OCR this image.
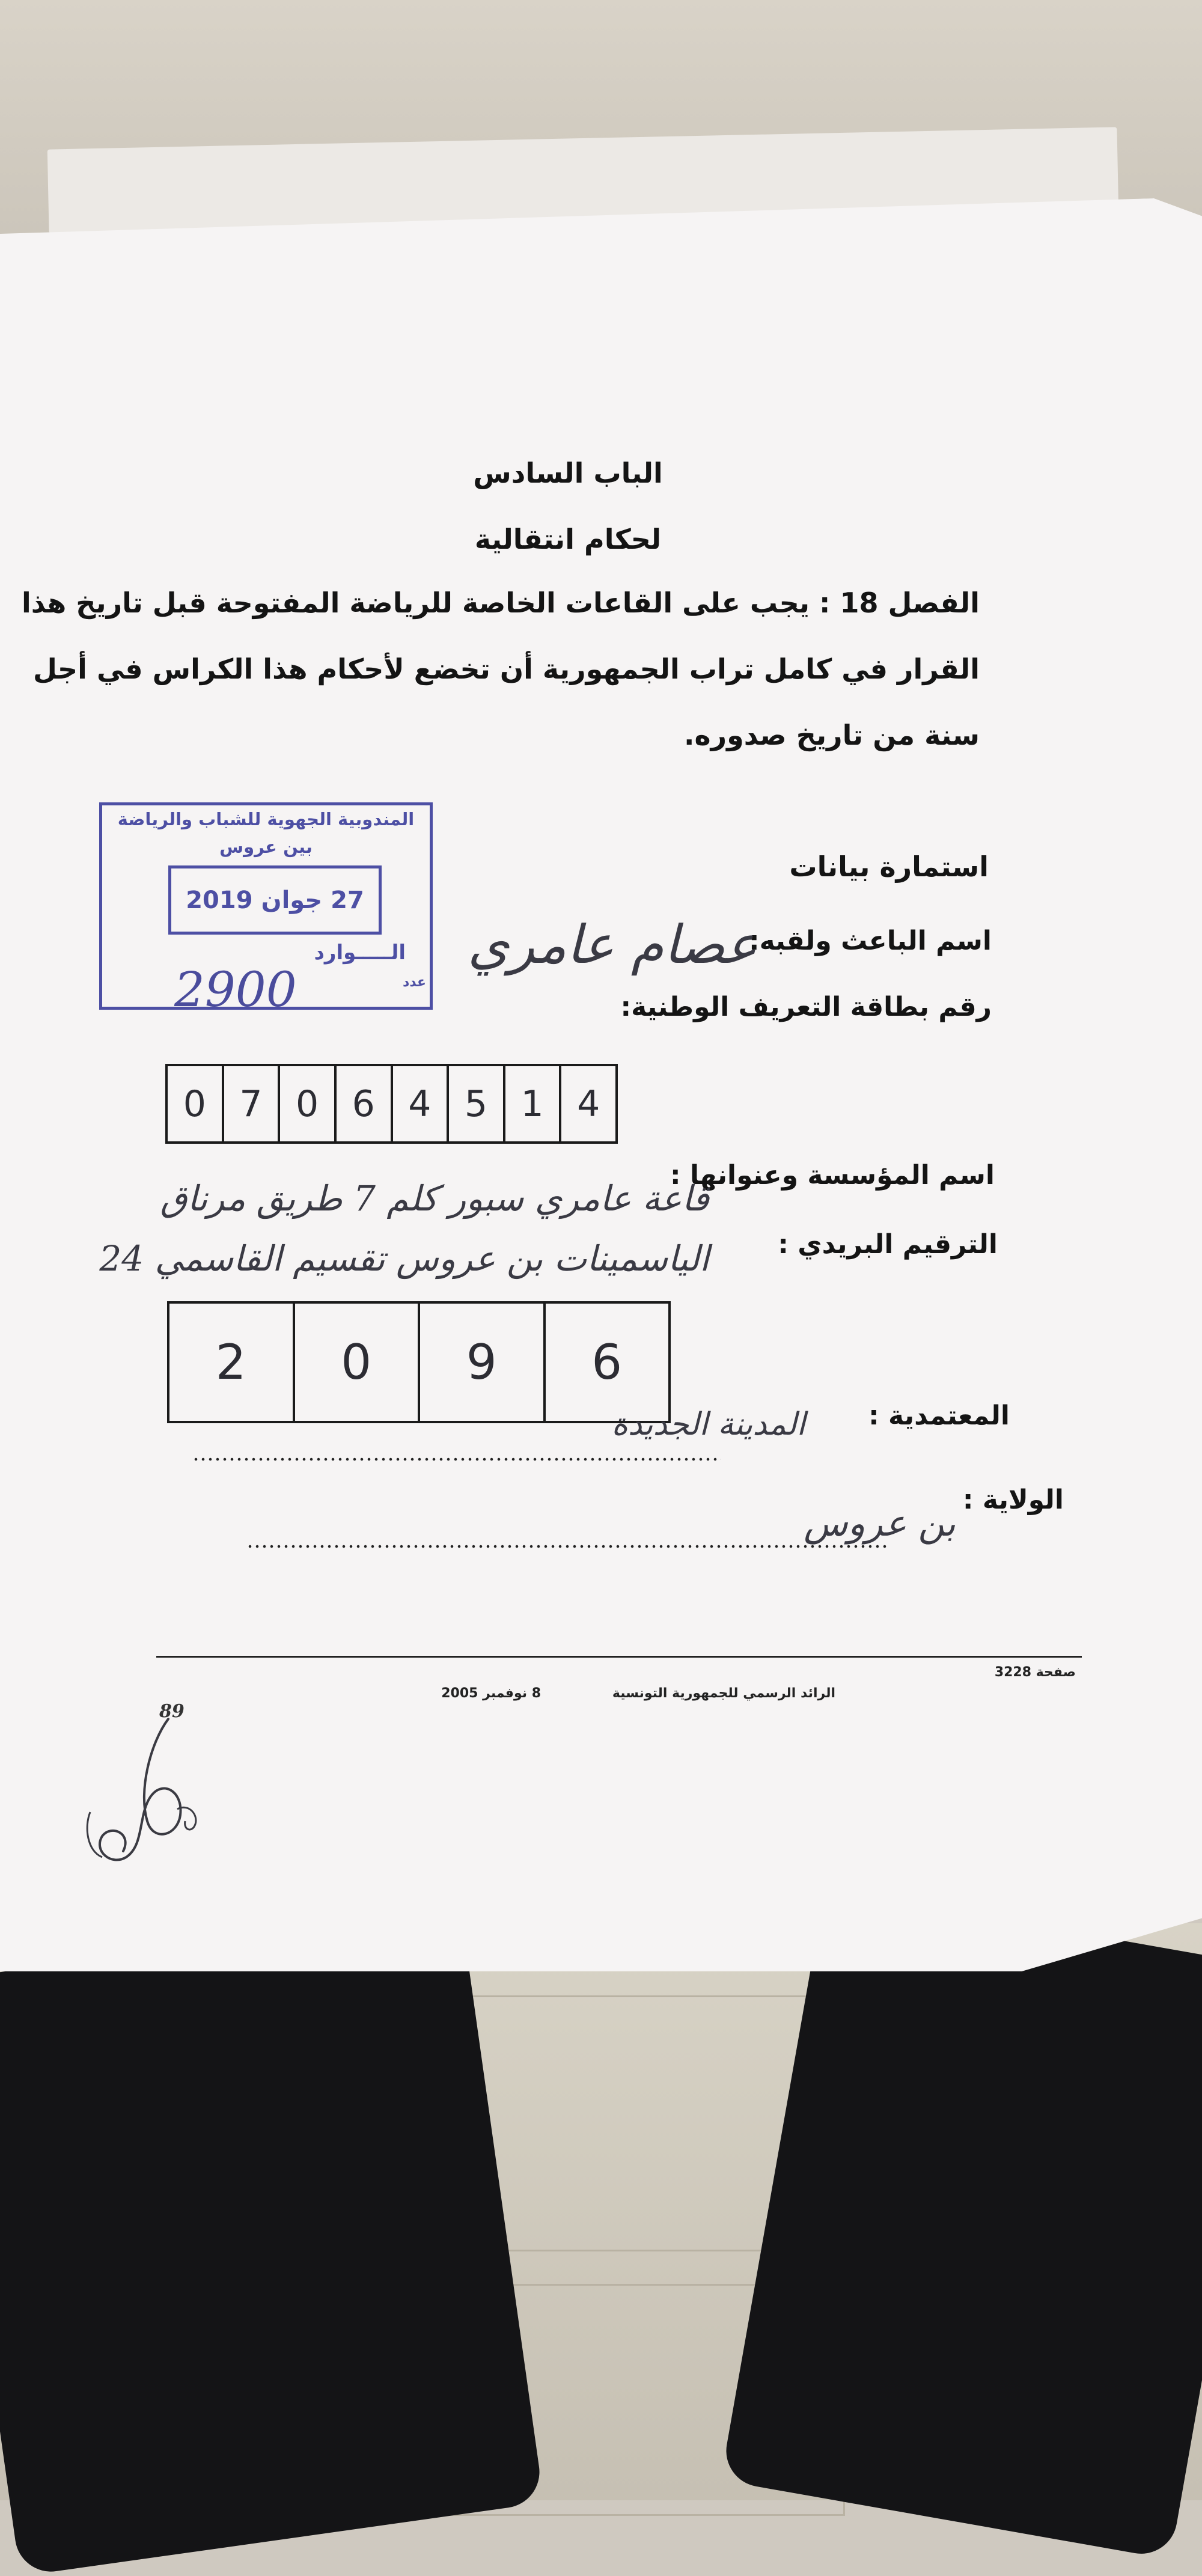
الباب السادس
لحكام انتقالية
الفصل 18 : يجب على القاعات الخاصة للرياضة المفتوحة قبل تاريخ هذا
القرار في كامل تراب الجمهورية أن تخضع لأحكام هذا الكراس في أجل
سنة من تاريخ صدوره.
المندوبية الجهوية للشباب والرياضة
بين عروس
27 جوان 2019
الـــــوارد
عدد
2900
استمارة بيانات
اسم الباعث ولقبه:
عصام عامري
رقم بطاقة التعريف الوطنية:
0 7 0 6 4 5 1 4
اسم المؤسسة وعنوانها :
قاعة عامري سبور كلم 7 طريق مرناق
الترقيم البريدي :
الياسمينات بن عروس تقسيم القاسمي 24
2	0	9	6
المعتمدية :
المدينة الجديدة
الولاية :
بن عروس
صفحة 3228
الرائد الرسمي للجمهورية التونسية
8 نوفمبر 2005
89
